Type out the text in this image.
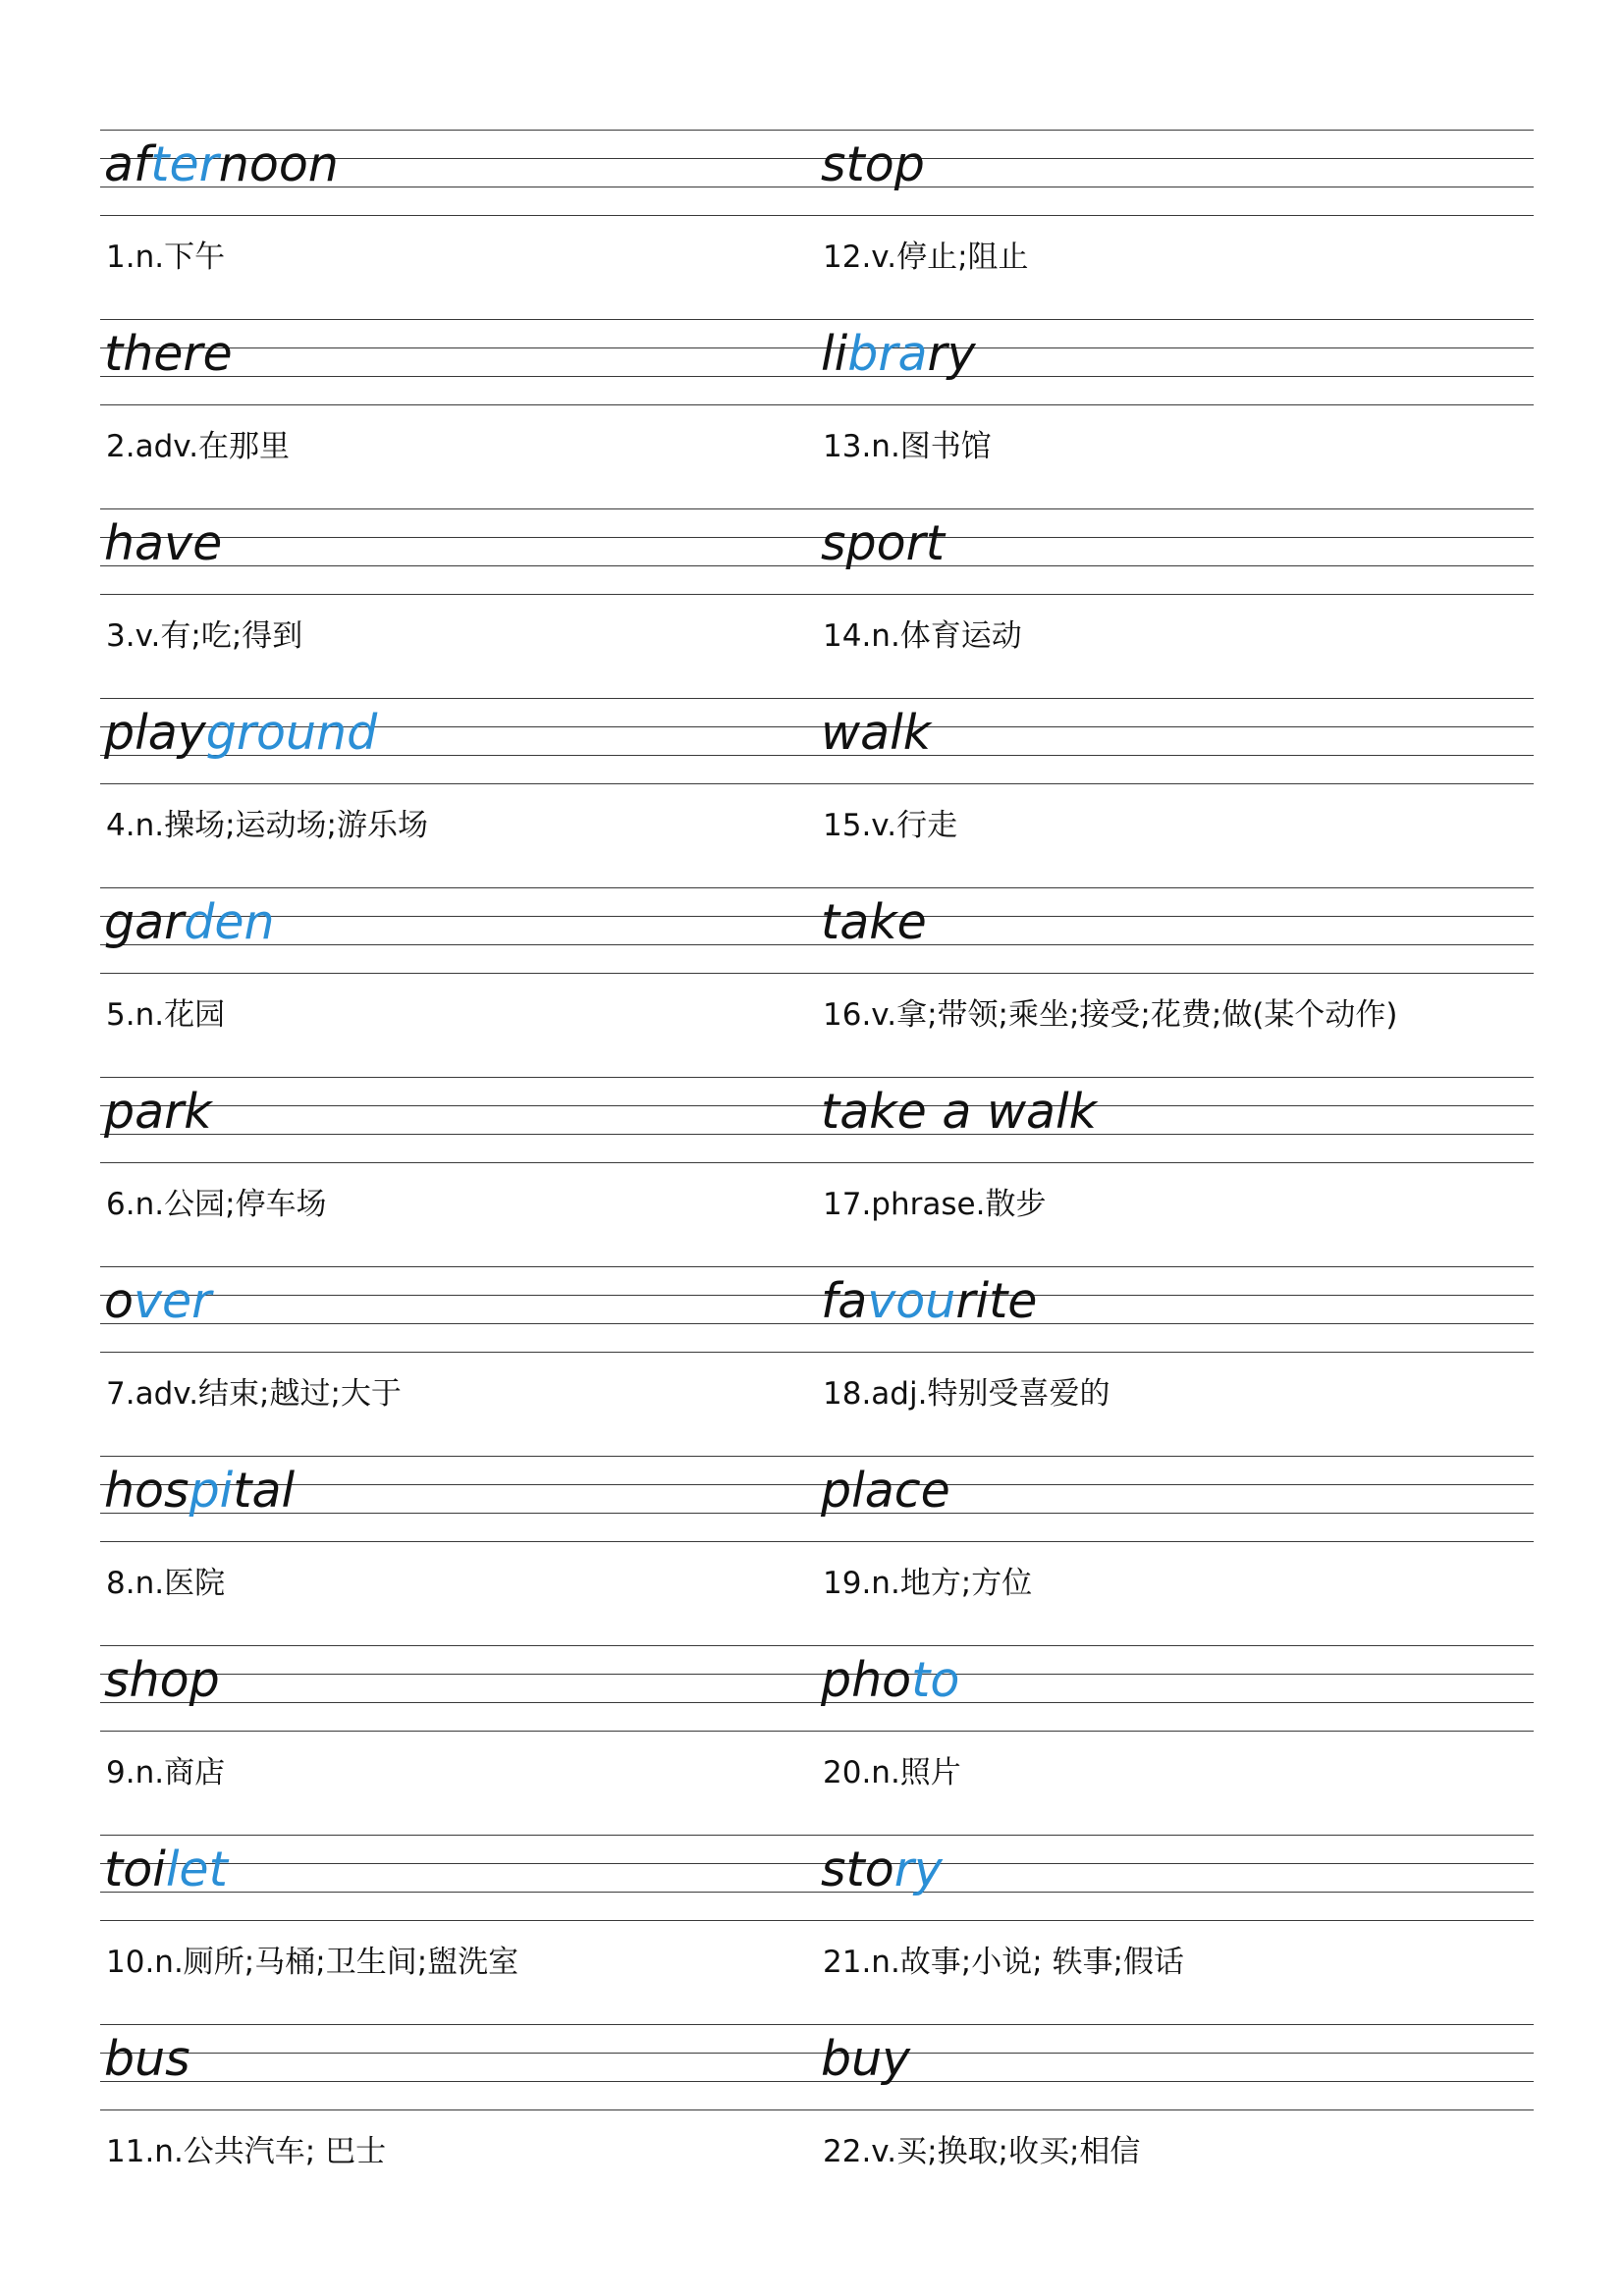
afternoon
1.n.下午
stop
12.v.停止;阻止
there
2.adv.在那里
library
13.n.图书馆
have
3.v.有;吃;得到
sport
14.n.体育运动
playground
4.n.操场;运动场;游乐场
walk
15.v.行走
garden
5.n.花园
take
16.v.拿;带领;乘坐;接受;花费;做(某个动作)
park
6.n.公园;停车场
take a walk
17.phrase.散步
over
7.adv.结束;越过;大于
favourite
18.adj.特别受喜爱的
hospital
8.n.医院
place
19.n.地方;方位
shop
9.n.商店
photo
20.n.照片
toilet
10.n.厕所;马桶;卫生间;盥洗室
story
21.n.故事;小说; 轶事;假话
bus
11.n.公共汽车; 巴士
buy
22.v.买;换取;收买;相信
